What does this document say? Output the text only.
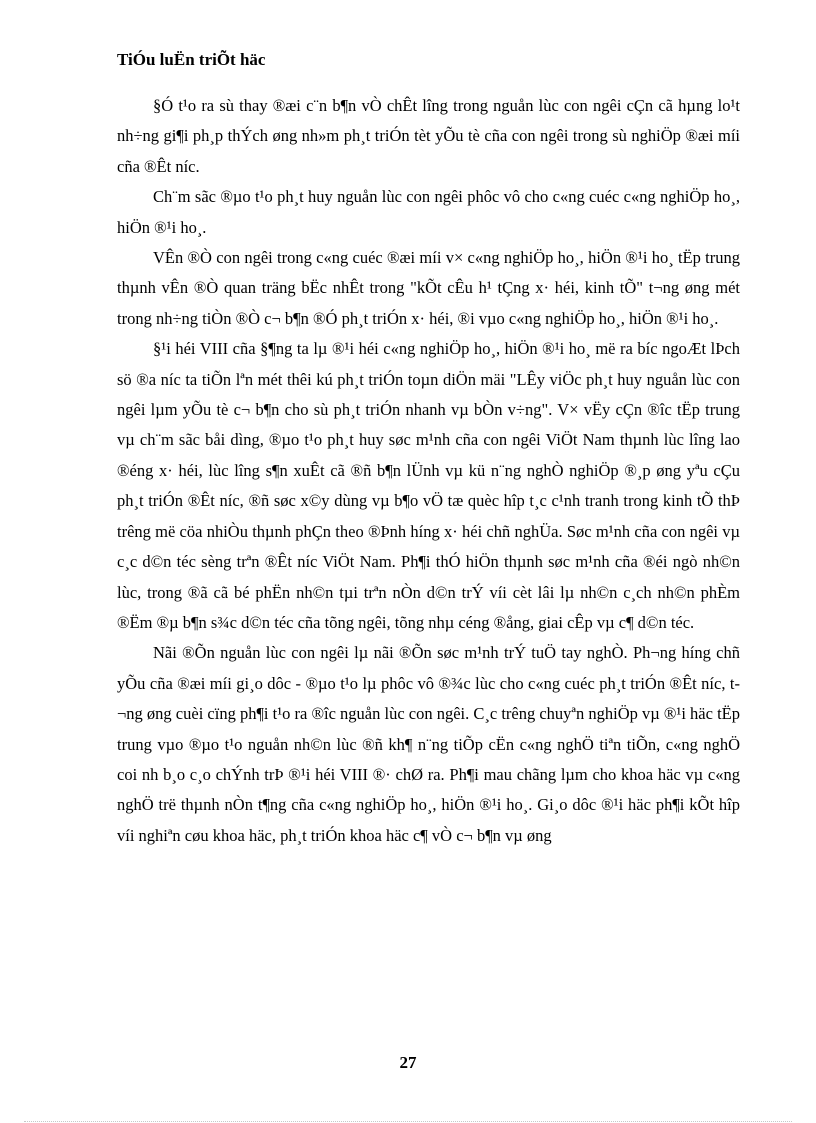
TiÓu luËn triÕt häc

§Ó t¹o ra sù thay ®æi c¨n b¶n vÒ chÊt lîng trong nguån lùc con ngêi cÇn cã hµng lo¹t nh÷ng gi¶i ph¸p thÝch øng nh»m ph¸t triÓn tèt yÕu tè cña con ngêi trong sù nghiÖp ®æi míi cña ®Êt níc.

Ch¨m sãc ®µo t¹o ph¸t huy nguån lùc con ngêi phôc vô cho c«ng cuéc c«ng nghiÖp ho¸, hiÖn ®¹i ho¸.

VÊn ®Ò con ngêi trong c«ng cuéc ®æi míi v× c«ng nghiÖp ho¸, hiÖn ®¹i ho¸ tËp trung thµnh vÊn ®Ò quan träng bËc nhÊt trong "kÕt cÊu h¹ tÇng x· héi, kinh tÕ" t¬ng øng mét trong nh÷ng tiÒn ®Ò c¬ b¶n ®Ó ph¸t triÓn x· héi, ®i vµo c«ng nghiÖp ho¸, hiÖn ®¹i ho¸.

§¹i héi VIII cña §¶ng ta lµ ®¹i héi c«ng nghiÖp ho¸, hiÖn ®¹i ho¸ më ra bíc ngoÆt lÞch sö ®a níc ta tiÕn lªn mét thêi kú ph¸t triÓn toµn diÖn mäi "LÊy viÖc ph¸t huy nguån lùc con ngêi lµm yÕu tè c¬ b¶n cho sù ph¸t triÓn nhanh vµ bÒn v÷ng". V× vËy cÇn ®îc tËp trung vµ ch¨m sãc båi dìng, ®µo t¹o ph¸t huy søc m¹nh cña con ngêi ViÖt Nam thµnh lùc lîng lao ®éng x· héi, lùc lîng s¶n xuÊt cã ®ñ b¶n lÜnh vµ kü n¨ng nghÒ nghiÖp ®¸p øng yªu cÇu ph¸t triÓn ®Êt níc, ®ñ søc x©y dùng vµ b¶o vÖ tæ quèc hîp t¸c c¹nh tranh trong kinh tÕ thÞ trêng më cöa nhiÒu thµnh phÇn theo ®Þnh híng x· héi chñ nghÜa. Søc m¹nh cña con ngêi vµ c¸c d©n téc sèng trªn ®Êt níc ViÖt Nam. Ph¶i thÓ hiÖn thµnh søc m¹nh cña ®éi ngò nh©n lùc, trong ®ã cã bé phËn nh©n tµi trªn nÒn d©n trÝ víi cèt lâi lµ nh©n c¸ch nh©n phÈm ®Ëm ®µ b¶n s¾c d©n téc cña tõng ngêi, tõng nhµ céng ®ång, giai cÊp vµ c¶ d©n téc.

Nãi ®Õn nguån lùc con ngêi lµ nãi ®Õn søc m¹nh trÝ tuÖ tay nghÒ. Ph¬ng híng chñ yÕu cña ®æi míi gi¸o dôc - ®µo t¹o lµ phôc vô ®¾c lùc cho c«ng cuéc ph¸t triÓn ®Êt níc, t¬ng øng cuèi cïng ph¶i t¹o ra ®îc nguån lùc con ngêi. C¸c trêng chuyªn nghiÖp vµ ®¹i häc tËp trung vµo ®µo t¹o nguån nh©n lùc ®ñ kh¶ n¨ng tiÕp cËn c«ng nghÖ tiªn tiÕn, c«ng nghÖ coi nh b¸o c¸o chÝnh trÞ ®¹i héi VIII ®· chØ ra. Ph¶i mau chãng lµm cho khoa häc vµ c«ng nghÖ trë thµnh nÒn t¶ng cña c«ng nghiÖp ho¸, hiÖn ®¹i ho¸. Gi¸o dôc ®¹i häc ph¶i kÕt hîp víi nghiªn cøu khoa häc, ph¸t triÓn khoa häc c¶ vÒ c¬ b¶n vµ øng

27
